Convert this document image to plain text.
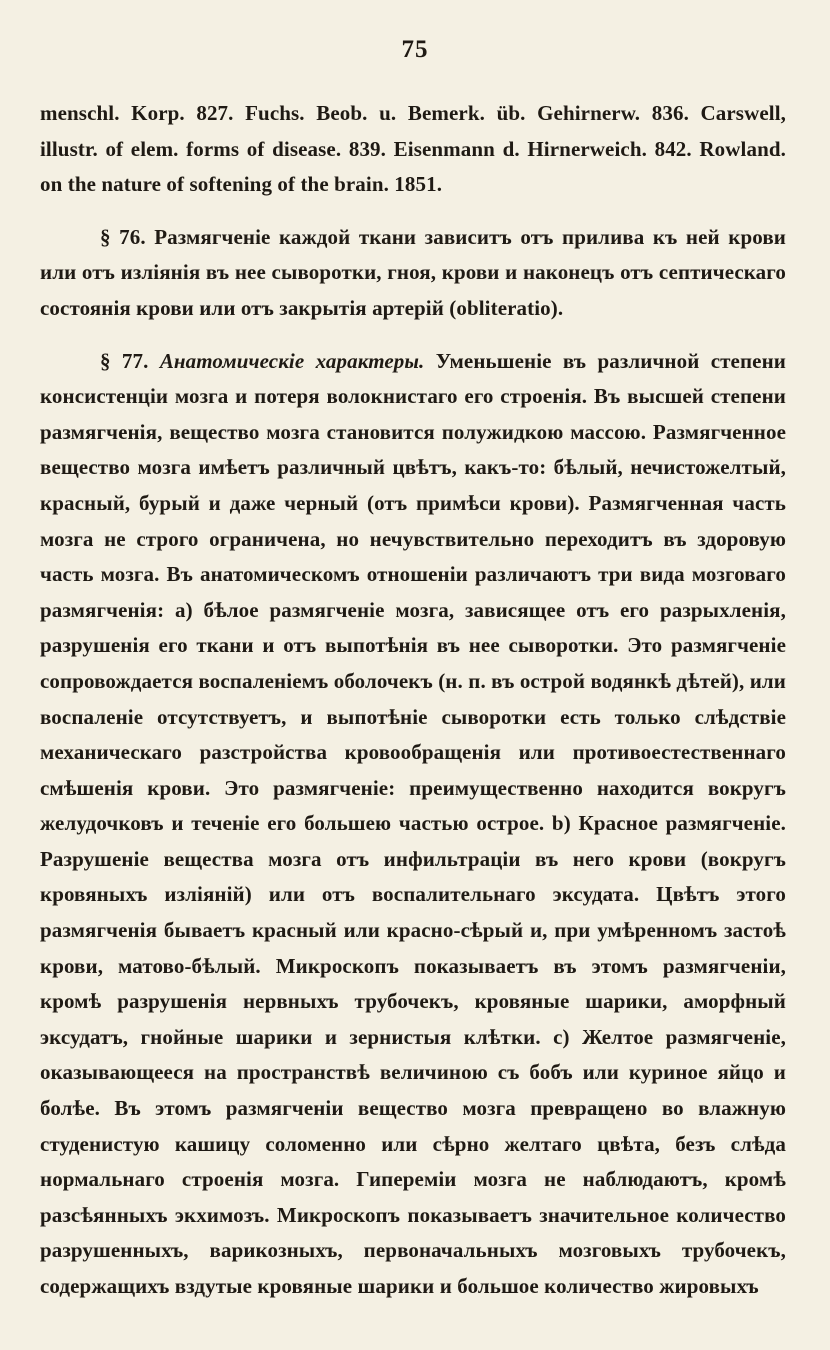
75

menschl. Korp. 827. Fuchs. Beob. u. Bemerk. üb. Gehirnerw. 836. Carswell, illustr. of elem. forms of disease. 839. Eisenmann d. Hirnerweich. 842. Rowland. on the nature of softening of the brain. 1851.

§ 76. Размягченіе каждой ткани зависитъ отъ прилива къ ней крови или отъ изліянія въ нее сыворотки, гноя, крови и наконецъ отъ септическаго состоянія крови или отъ закрытія артерій (obliteratio).

§ 77. Анатомическіе характеры. Уменьшеніе въ различной степени консистенціи мозга и потеря волокнистаго его строенія. Въ высшей степени размягченія, вещество мозга становится полужидкою массою. Размягченное вещество мозга имѣетъ различный цвѣтъ, какъ-то: бѣлый, нечистожелтый, красный, бурый и даже черный (отъ примѣси крови). Размягченная часть мозга не строго ограничена, но нечувствительно переходитъ въ здоровую часть мозга. Въ анатомическомъ отношеніи различаютъ три вида мозговаго размягченія: a) бѣлое размягченіе мозга, зависящее отъ его разрыхленія, разрушенія его ткани и отъ выпотѣнія въ нее сыворотки. Это размягченіе сопровождается воспаленіемъ оболочекъ (н. п. въ острой водянкѣ дѣтей), или воспаленіе отсутствуетъ, и выпотѣніе сыворотки есть только слѣдствіе механическаго разстройства кровообращенія или противоестественнаго смѣшенія крови. Это размягченіе: преимущественно находится вокругъ желудочковъ и теченіе его большею частью острое. b) Красное размягченіе. Разрушеніе вещества мозга отъ инфильтраціи въ него крови (вокругъ кровяныхъ изліяній) или отъ воспалительнаго эксудата. Цвѣтъ этого размягченія бываетъ красный или красно-сѣрый и, при умѣренномъ застоѣ крови, матово-бѣлый. Микроскопъ показываетъ въ этомъ размягченіи, кромѣ разрушенія нервныхъ трубочекъ, кровяные шарики, аморфный эксудатъ, гнойные шарики и зернистыя клѣтки. c) Желтое размягченіе, оказывающееся на пространствѣ величиною съ бобъ или куриное яйцо и болѣе. Въ этомъ размягченіи вещество мозга превращено во влажную студенистую кашицу соломенно или сѣрно желтаго цвѣта, безъ слѣда нормальнаго строенія мозга. Гипереміи мозга не наблюдаютъ, кромѣ разсѣянныхъ экхимозъ. Микроскопъ показываетъ значительное количество разрушенныхъ, варикозныхъ, первоначальныхъ мозговыхъ трубочекъ, содержащихъ вздутые кровяные шарики и большое количество жировыхъ
